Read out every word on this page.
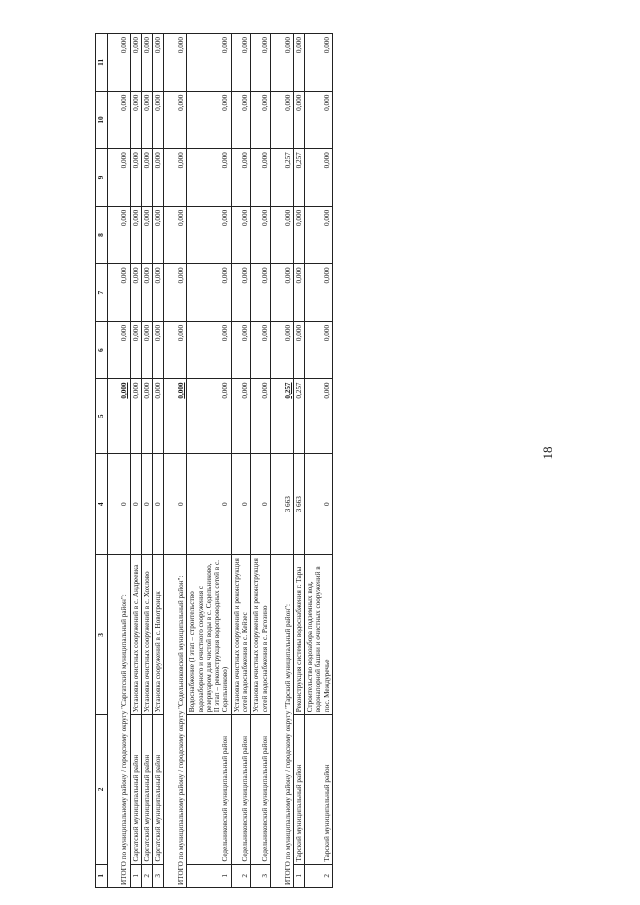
18
1	2	3	4	5	6	7	8	9	10	11
ИТОГО по муниципальному району / городскому округу "Саргатский муниципальный район":			0	0,000	0,000	0,000	0,000	0,000	0,000	0,000
1	Саргатский муниципальный район	Установка очистных сооружений в с. Андреевка	0	0,000	0,000	0,000	0,000	0,000	0,000	0,000
2	Саргатский муниципальный район	Установка очистных сооружений в с. Хохлово	0	0,000	0,000	0,000	0,000	0,000	0,000	0,000
3	Саргатский муниципальный район	Установка сооружений в с. Новотроицк	0	0,000	0,000	0,000	0,000	0,000	0,000	0,000
ИТОГО по муниципальному району / городскому округу "Седельниковский муниципальный район":			0	0,000	0,000	0,000	0,000	0,000	0,000	0,000
1	Седельниковский муниципальный район	Водоснабжение (I этап – строительство водозаборного и очистного сооружения с резервуаром для чистой воды в с. Седельниково, II этап – реконструкция водопроводных сетей в с. Седельниково)	0	0,000	0,000	0,000	0,000	0,000	0,000	0,000
2	Седельниковский муниципальный район	Установка очистных сооружений и реконструкция сетей водоснабжения в с. Кейзес	0	0,000	0,000	0,000	0,000	0,000	0,000	0,000
3	Седельниковский муниципальный район	Установка очистных сооружений и реконструкция сетей водоснабжения в с. Рагозино	0	0,000	0,000	0,000	0,000	0,000	0,000	0,000
ИТОГО по муниципальному району / городскому округу "Тарский муниципальный район":			3 663	0,257	0,000	0,000	0,000	0,257	0,000	0,000
1	Тарский муниципальный район	Реконструкция системы водоснабжения г. Тары	3 663	0,257	0,000	0,000	0,000	0,257	0,000	0,000
2	Тарский муниципальный район	Строительство водозабора подземных вод, водонапорной башни и очистных сооружений в пос. Междуречье	0	0,000	0,000	0,000	0,000	0,000	0,000	0,000
